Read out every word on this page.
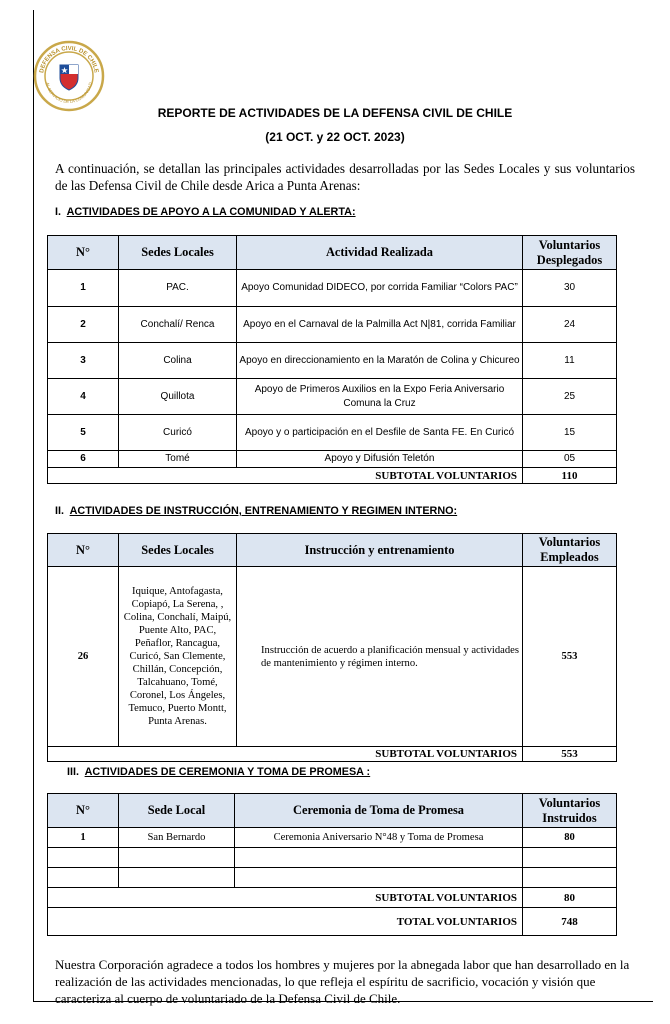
DEFENSA CIVIL DE CHILE
AL SERVICIO DE LA COMUNIDAD
REPORTE DE ACTIVIDADES DE LA DEFENSA CIVIL DE CHILE
(21 OCT. y 22 OCT. 2023)
A continuación, se detallan las principales actividades desarrolladas por las Sedes Locales y sus voluntarios de las Defensa Civil de Chile desde Arica a Punta Arenas:
I. ACTIVIDADES DE APOYO A LA COMUNIDAD Y ALERTA:
N°	Sedes Locales	Actividad Realizada	Voluntarios Desplegados
1	PAC.	Apoyo Comunidad DIDECO, por corrida Familiar “Colors PAC”	30
2	Conchalí/ Renca	Apoyo en el Carnaval de la Palmilla Act N|81, corrida Familiar	24
3	Colina	Apoyo en direccionamiento en la Maratón de Colina y Chicureo	11
4	Quillota	Apoyo de Primeros Auxilios en la Expo Feria Aniversario Comuna la Cruz	25
5	Curicó	Apoyo y o participación en el Desfile de Santa FE. En Curicó	15
6	Tomé	Apoyo y Difusión Teletón	05
SUBTOTAL VOLUNTARIOS			110
II. ACTIVIDADES DE INSTRUCCIÓN, ENTRENAMIENTO Y REGIMEN INTERNO:
N°	Sedes Locales	Instrucción y entrenamiento	Voluntarios Empleados
26	Iquique, Antofagasta, Copiapó, La Serena, , Colina, Conchalí, Maipú, Puente Alto, PAC, Peñaflor, Rancagua, Curicó, San Clemente, Chillán, Concepción, Talcahuano, Tomé, Coronel, Los Ángeles, Temuco, Puerto Montt, Punta Arenas.	Instrucción de acuerdo a planificación mensual y actividades de mantenimiento y régimen interno.	553
SUBTOTAL VOLUNTARIOS			553
III. ACTIVIDADES DE CEREMONIA Y TOMA DE PROMESA :
N°	Sede Local	Ceremonia de Toma de Promesa	Voluntarios Instruidos
1	San Bernardo	Ceremonia Aniversario N°48 y Toma de Promesa	80

SUBTOTAL VOLUNTARIOS			80
TOTAL VOLUNTARIOS			748
Nuestra Corporación agradece a todos los hombres y mujeres por la abnegada labor que han desarrollado en la realización de las actividades mencionadas, lo que refleja el espíritu de sacrificio, vocación y visión que caracteriza al cuerpo de voluntariado de la Defensa Civil de Chile.
